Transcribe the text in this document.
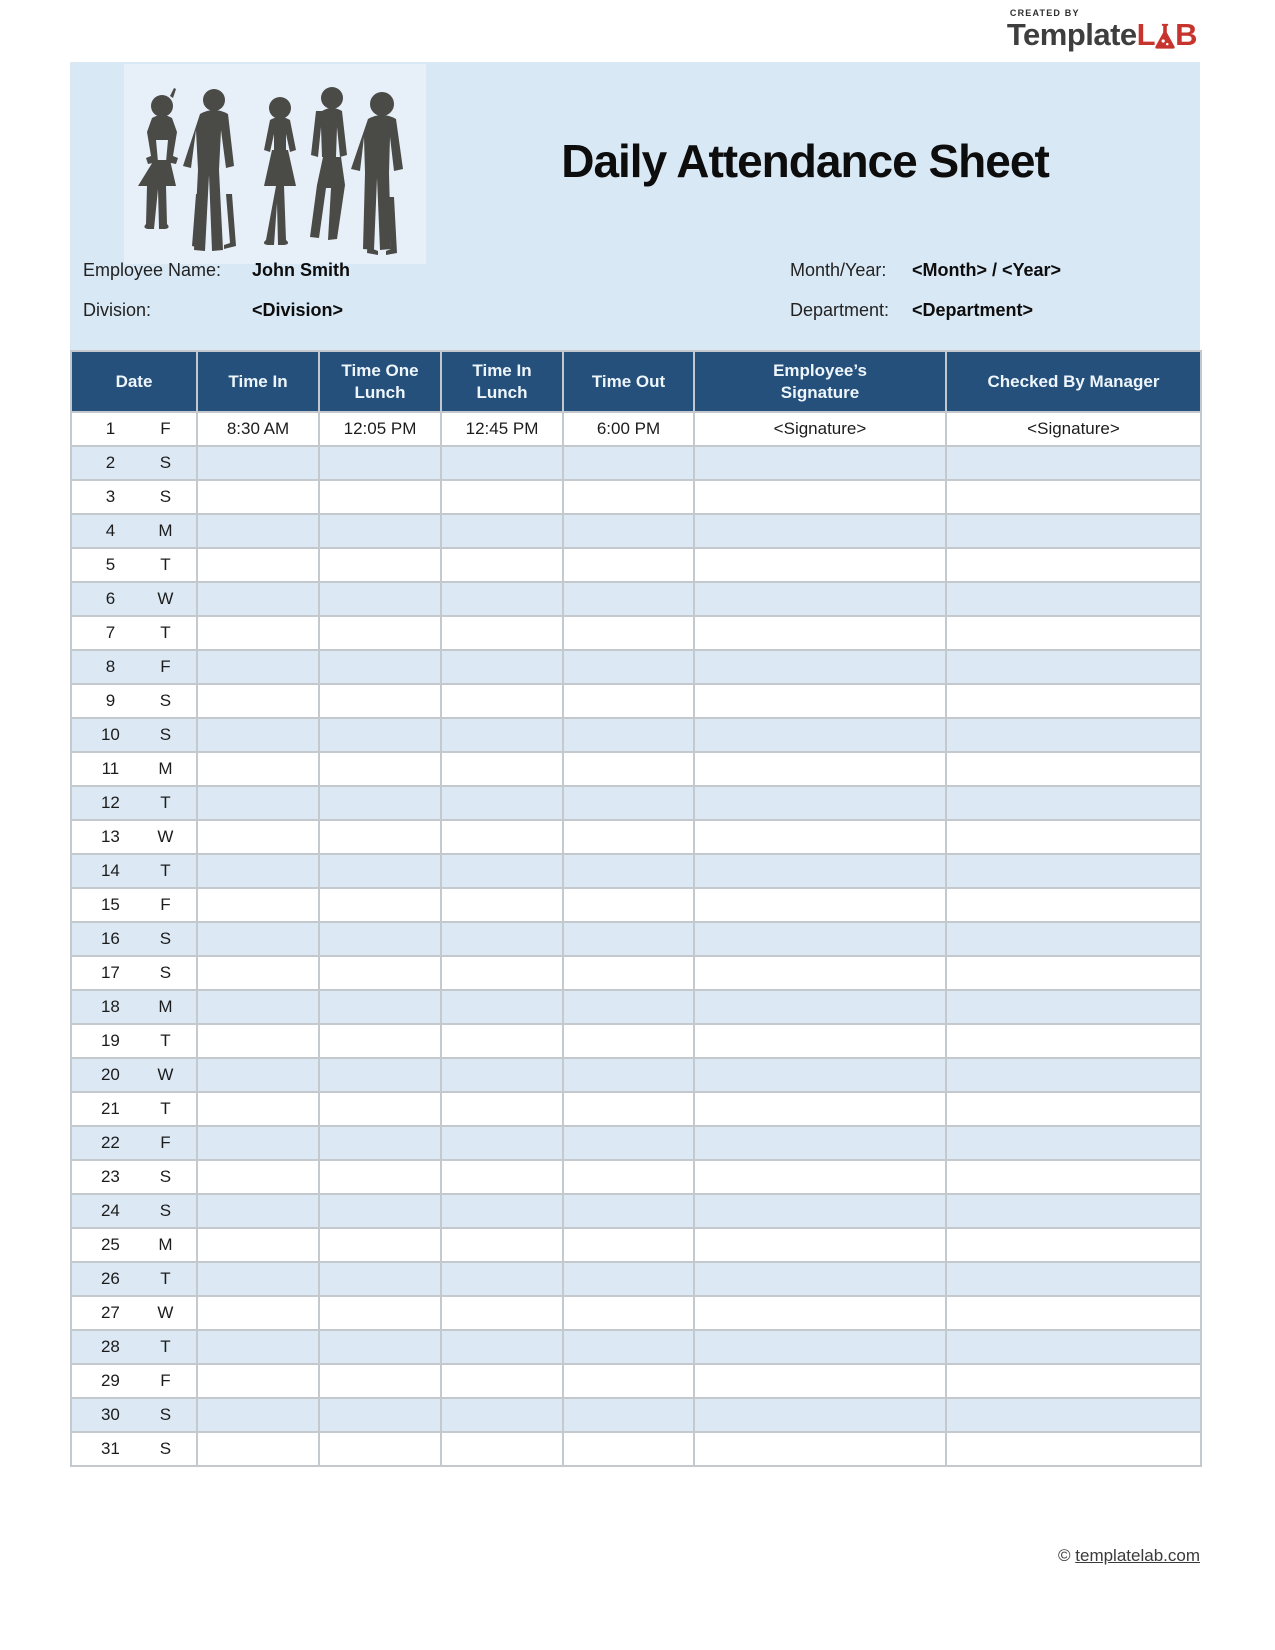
CREATED BY
Template L B
Daily Attendance Sheet
Employee Name: John Smith
Division:	<Division>
Month/Year: <Month> / <Year>
Department: <Department>
Date	Time In	Time One Lunch	Time In Lunch	Time Out	Employee’s Signature	Checked By Manager

1 F	8:30 AM	12:05 PM	12:45 PM	6:00 PM	<Signature>	<Signature>

2 S						

3 S						

4 M						

5 T						

6 W						

7 T						

8 F						

9 S						

10 S						

11 M						

12 T						

13 W						

14 T						

15 F						

16 S						

17 S						

18 M						

19 T						

20 W						

21 T						

22 F						

23 S						

24 S						

25 M						

26 T						

27 W						

28 T						

29 F						

30 S						

31 S						

© templatelab.com
